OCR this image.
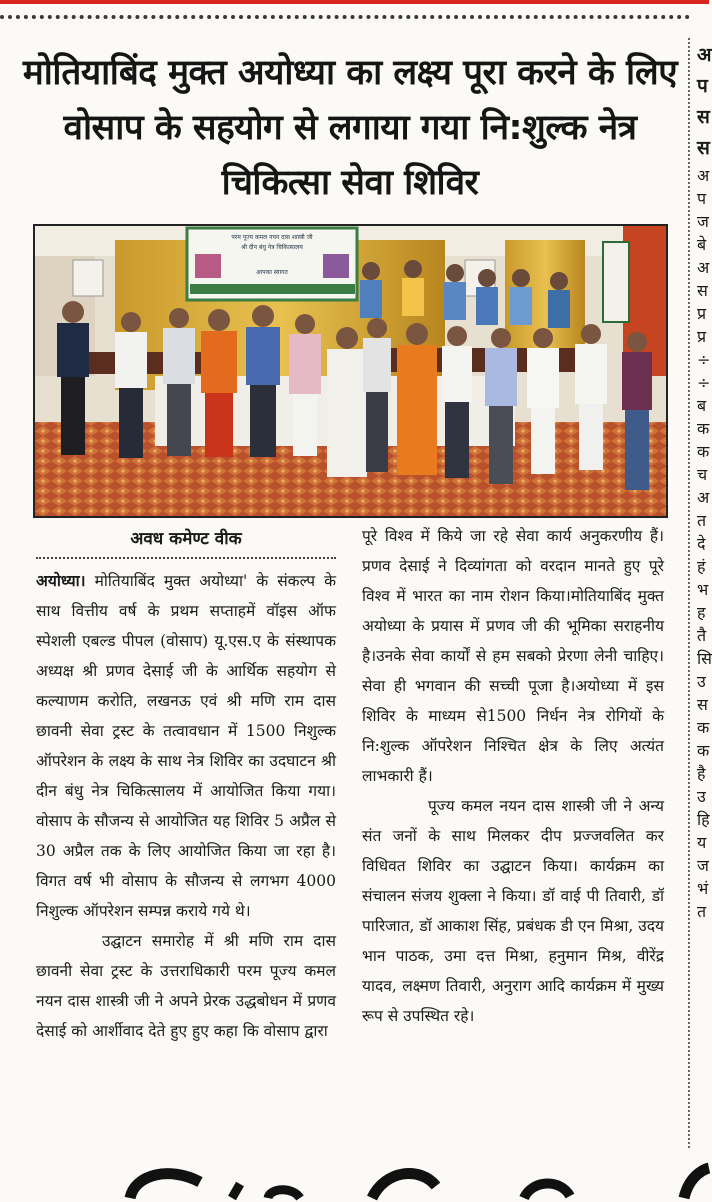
मोतियाबिंद मुक्त अयोध्या का लक्ष्य पूरा करने के लिए वोसाप के सहयोग से लगाया गया नि:शुल्क नेत्र चिकित्सा सेवा शिविर
अ
प
स
स
अ
प
ज
बे
अ
स
प्र
प्र
÷
÷
ब
क
क
च
अ
त
दे
हं
भ
ह
तै
सि
उ
स
क
क
है
उ
हि
य
ज
भं
त
परम पूज्य कमल नयन दास शास्त्री जी
श्री दीन बंधु नेत्र चिकित्सालय
आपका स्वागत
अवध कमेण्ट वीक

अयोध्या। मोतियाबिंद मुक्त अयोध्या' के संकल्प के साथ वित्तीय वर्ष के प्रथम सप्ताहमें वॉइस ऑफ स्पेशली एबल्ड पीपल (वोसाप) यू.एस.ए के संस्थापक अध्यक्ष श्री प्रणव देसाई जी के आर्थिक सहयोग से कल्याणम करोति, लखनऊ एवं श्री मणि राम दास छावनी सेवा ट्रस्ट के तत्वावधान में 1500 निशुल्क ऑपरेशन के लक्ष्य के साथ नेत्र शिविर का उदघाटन श्री दीन बंधु नेत्र चिकित्सालय में आयोजित किया गया। वोसाप के सौजन्य से आयोजित यह शिविर 5 अप्रैल से 30 अप्रैल तक के लिए आयोजित किया जा रहा है।विगत वर्ष भी वोसाप के सौजन्य से लगभग 4000 निशुल्क ऑपरेशन सम्पन्न कराये गये थे।

उद्घाटन समारोह में श्री मणि राम दास छावनी सेवा ट्रस्ट के उत्तराधिकारी परम पूज्य कमल नयन दास शास्त्री जी ने अपने प्रेरक उद्धबोधन में प्रणव देसाई को आर्शीवाद देते हुए हुए कहा कि वोसाप द्वारा

पूरे विश्व में किये जा रहे सेवा कार्य अनुकरणीय हैं।प्रणव देसाई ने दिव्यांगता को वरदान मानते हुए पूरे विश्व में भारत का नाम रोशन किया।मोतियाबिंद मुक्त अयोध्या के प्रयास में प्रणव जी की भूमिका सराहनीय है।उनके सेवा कार्यों से हम सबको प्रेरणा लेनी चाहिए।सेवा ही भगवान की सच्ची पूजा है।अयोध्या में इस शिविर के माध्यम से1500 निर्धन नेत्र रोगियों के नि:शुल्क ऑपरेशन निश्चित क्षेत्र के लिए अत्यंत लाभकारी हैं।

पूज्य कमल नयन दास शास्त्री जी ने अन्य संत जनों के साथ मिलकर दीप प्रज्जवलित कर विधिवत शिविर का उद्घाटन किया। कार्यक्रम का संचालन संजय शुक्ला ने किया। डॉ वाई पी तिवारी, डॉ पारिजात, डॉ आकाश सिंह, प्रबंधक डी एन मिश्रा, उदय भान पाठक, उमा दत्त मिश्रा, हनुमान मिश्र, वीरेंद्र यादव, लक्ष्मण तिवारी, अनुराग आदि कार्यक्रम में मुख्य रूप से उपस्थित रहे।
